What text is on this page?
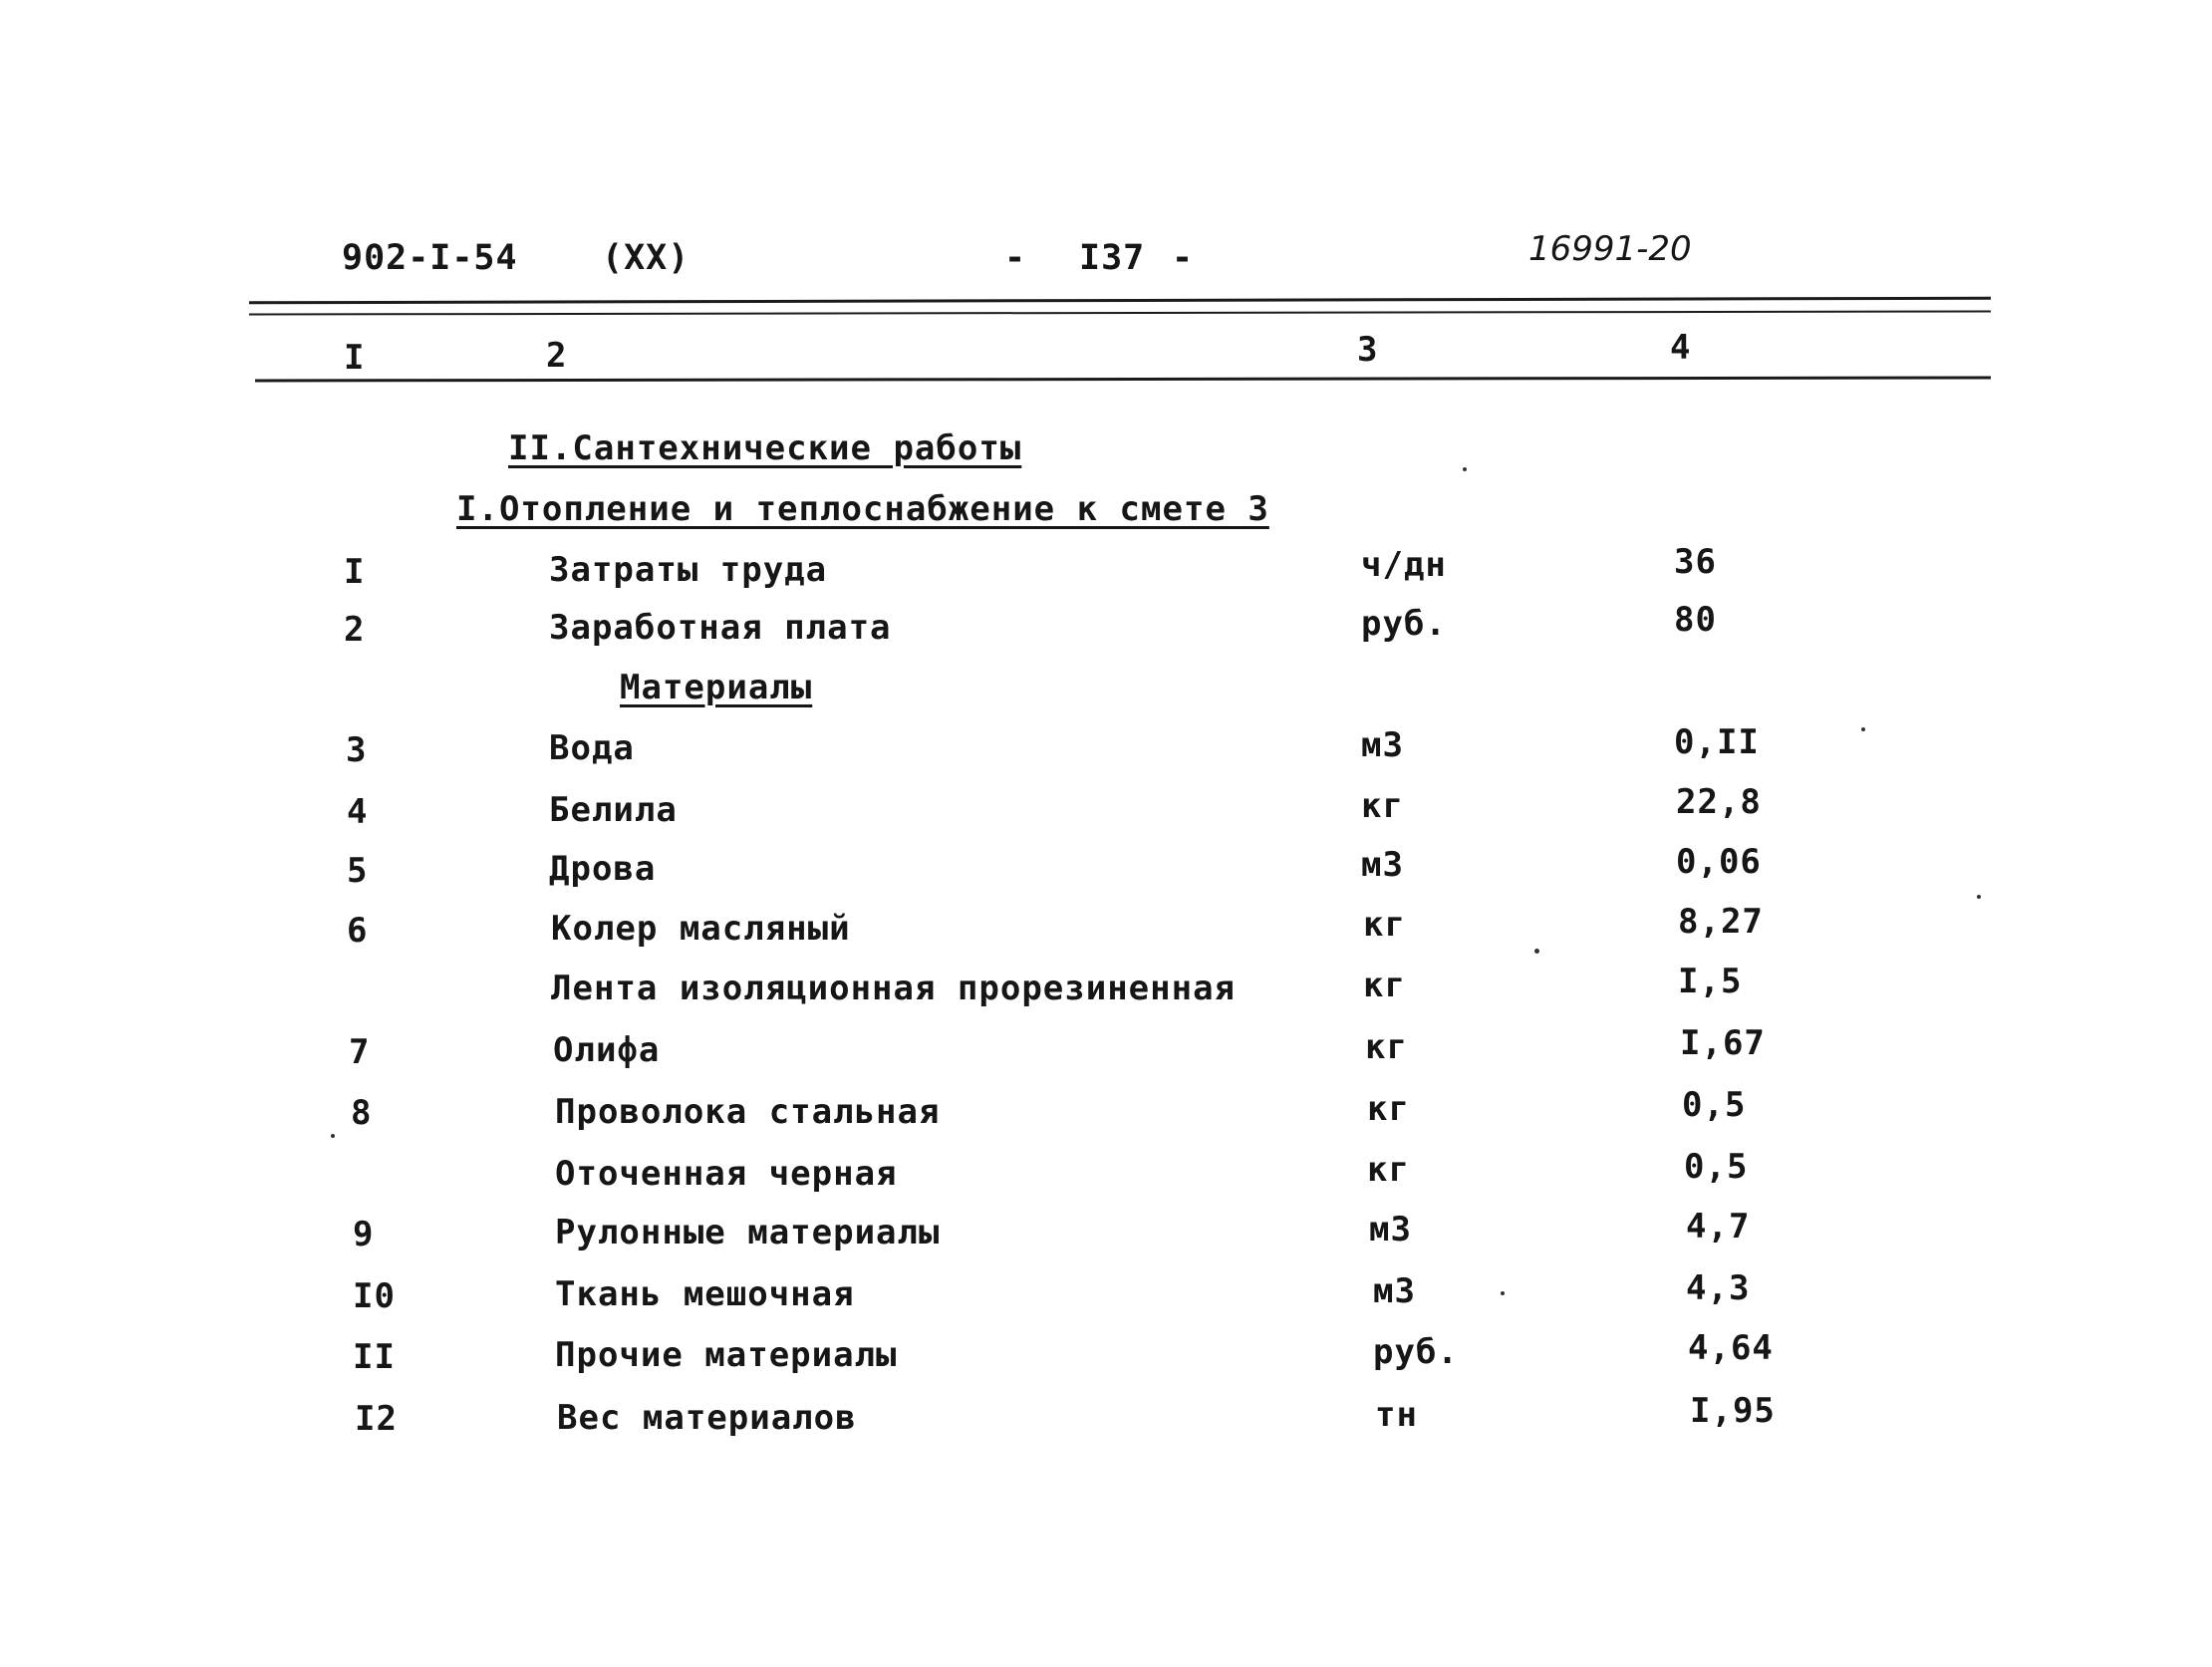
902-I-54 (XX)	- I37 -	16991-20
I	2	3	4
II.Сантехнические работы
I.Отопление и теплоснабжение к смете 3
I	Затраты труда	ч/дн	36
2	Заработная плата	руб.	80
Материалы
3	Вода	м3	0,II
4	Белила	кг	22,8
5	Дрова	м3	0,06
6	Колер масляный	кг	8,27
Лента изоляционная прорезиненная	кг	I,5
7	Олифа	кг	I,67
8	Проволока стальная	кг	0,5
Оточенная черная	кг	0,5
9	Рулонные материалы	м3	4,7
I0	Ткань мешочная	м3	4,3
II	Прочие материалы	руб.	4,64
I2	Вес материалов	тн	I,95
